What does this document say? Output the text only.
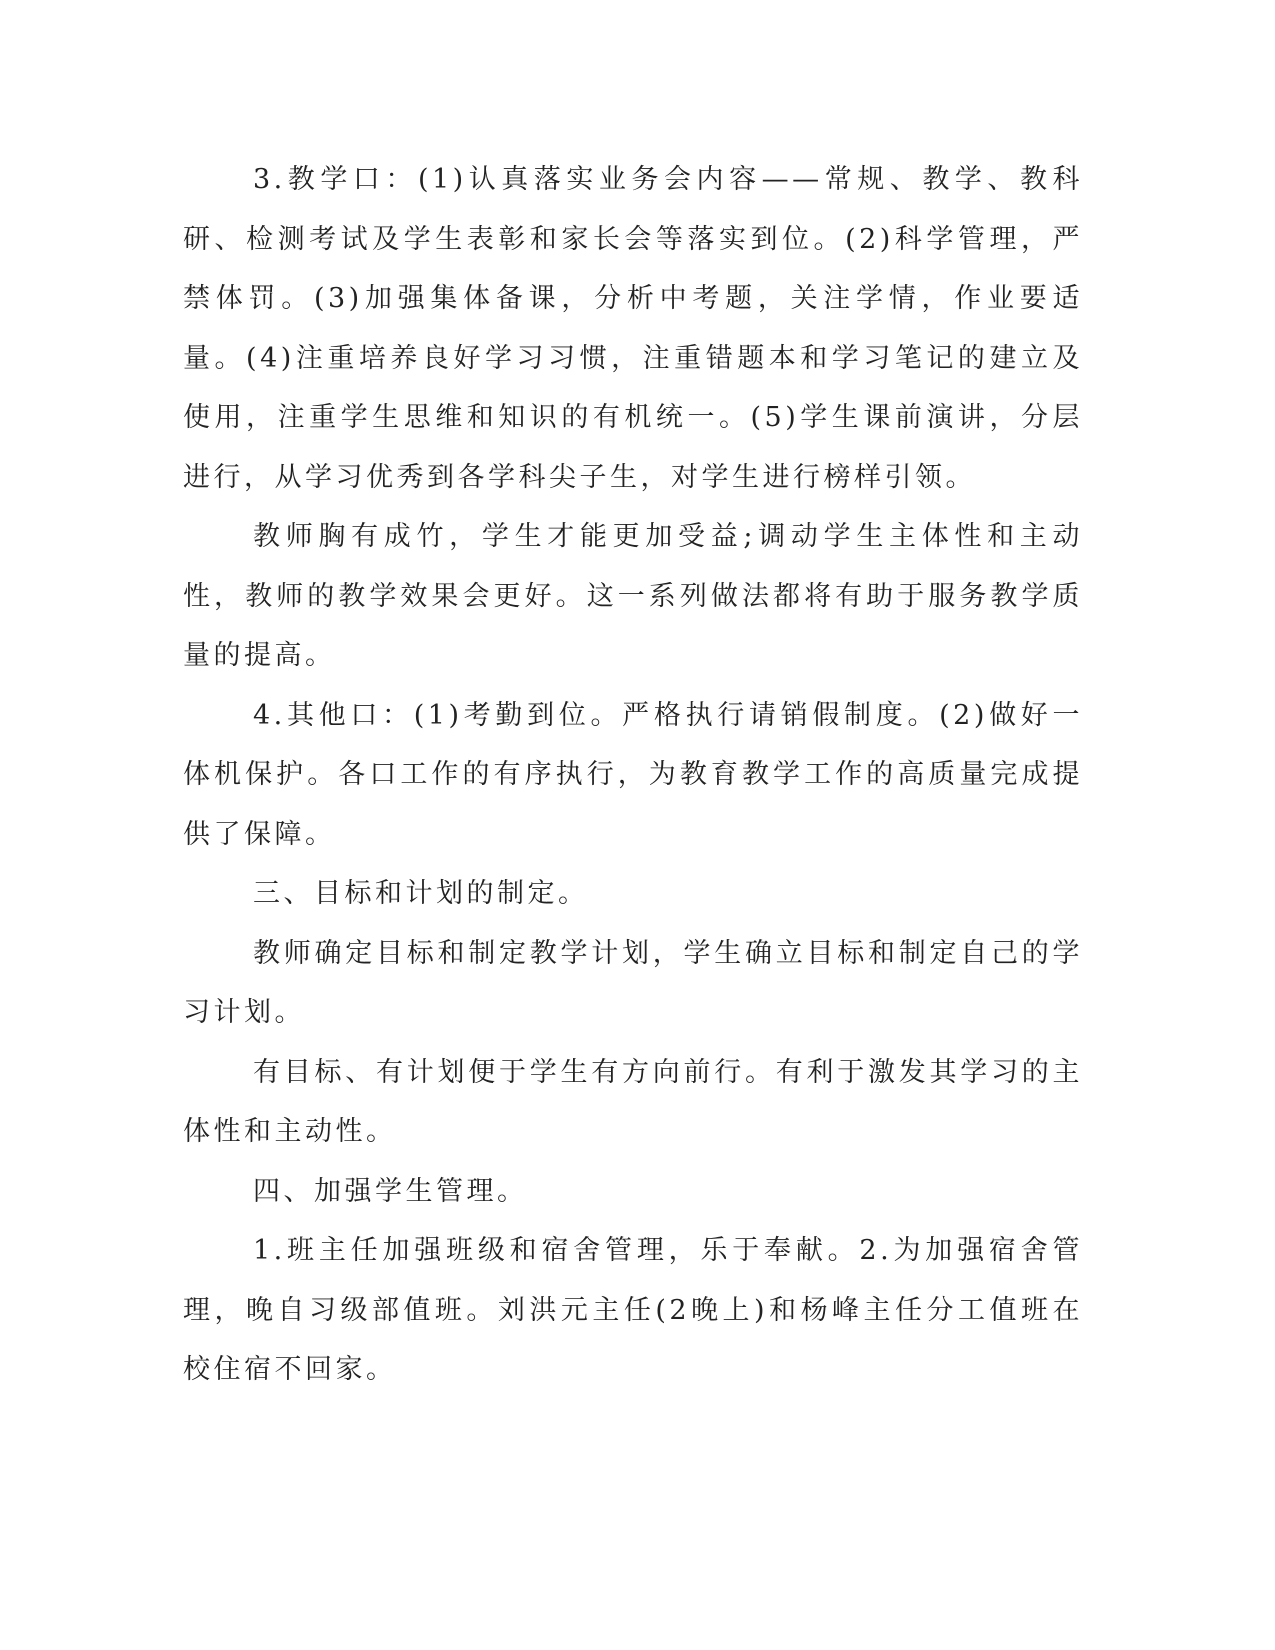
3.教学口：(1)认真落实业务会内容——常规、教学、教科研、检测考试及学生表彰和家长会等落实到位。(2)科学管理，严禁体罚。(3)加强集体备课，分析中考题，关注学情，作业要适量。(4)注重培养良好学习习惯，注重错题本和学习笔记的建立及使用，注重学生思维和知识的有机统一。(5)学生课前演讲，分层进行，从学习优秀到各学科尖子生，对学生进行榜样引领。

教师胸有成竹，学生才能更加受益;调动学生主体性和主动性，教师的教学效果会更好。这一系列做法都将有助于服务教学质量的提高。

4.其他口：(1)考勤到位。严格执行请销假制度。(2)做好一体机保护。各口工作的有序执行，为教育教学工作的高质量完成提供了保障。

三、目标和计划的制定。

教师确定目标和制定教学计划，学生确立目标和制定自己的学习计划。

有目标、有计划便于学生有方向前行。有利于激发其学习的主体性和主动性。

四、加强学生管理。

1.班主任加强班级和宿舍管理，乐于奉献。2.为加强宿舍管理，晚自习级部值班。刘洪元主任(2晚上)和杨峰主任分工值班在校住宿不回家。
